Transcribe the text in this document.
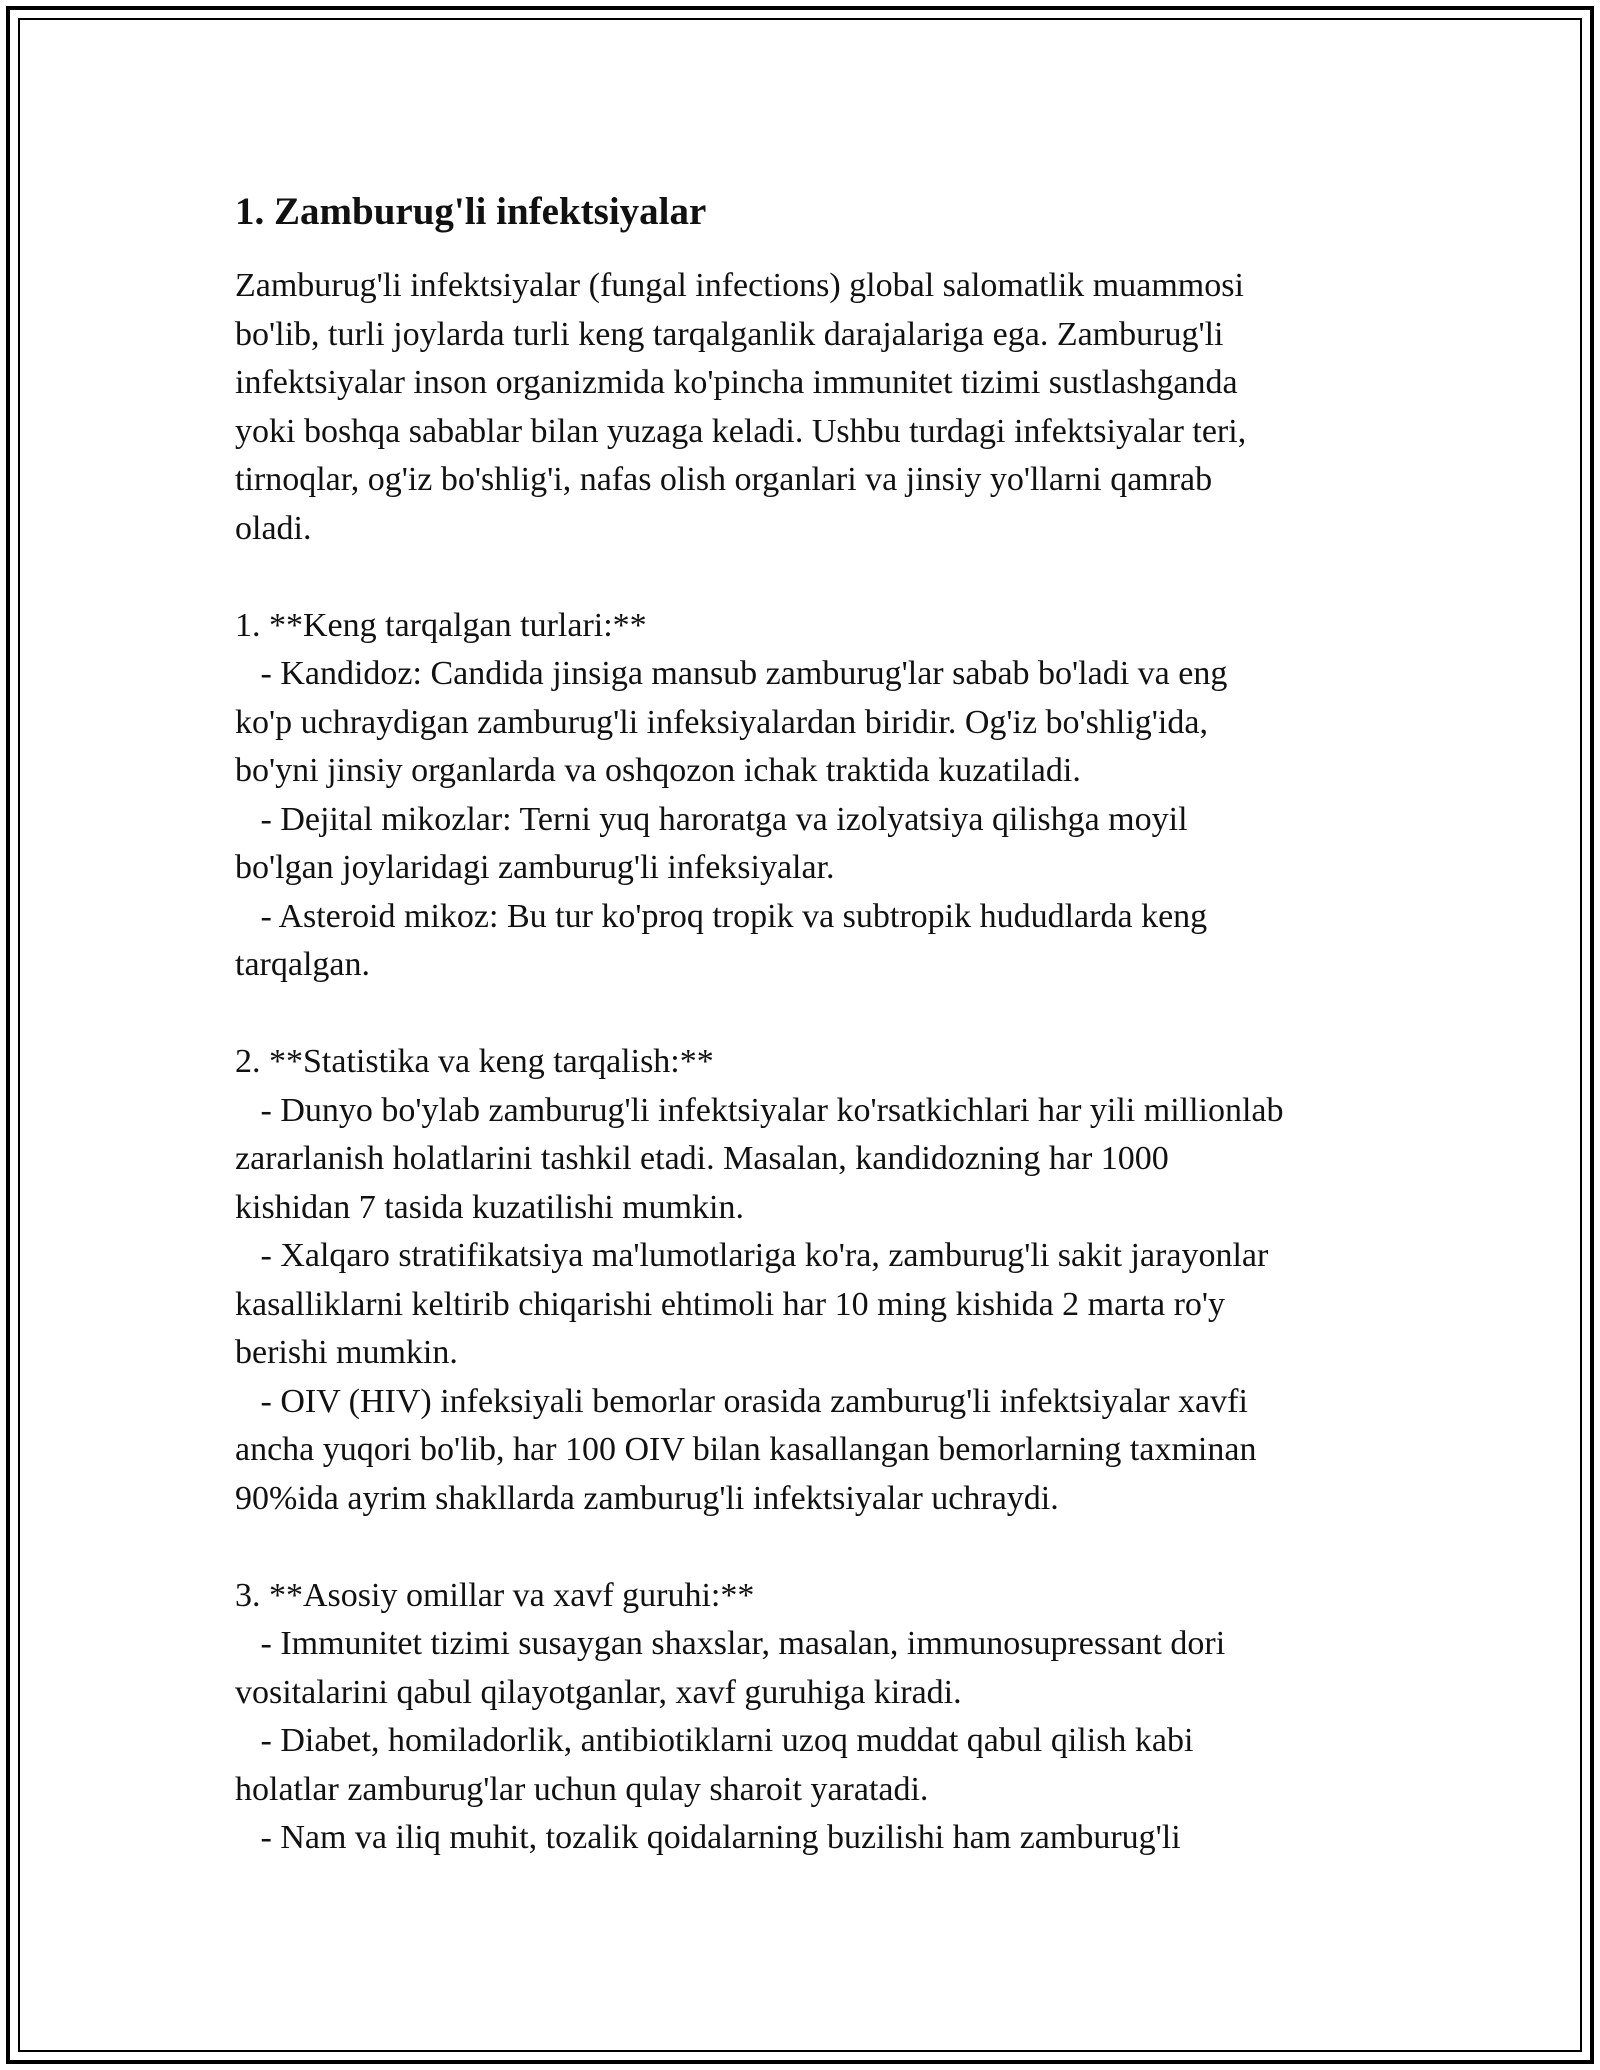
1. Zamburug'li infektsiyalar

Zamburug'li infektsiyalar (fungal infections) global salomatlik muammosi

bo'lib, turli joylarda turli keng tarqalganlik darajalariga ega. Zamburug'li

infektsiyalar inson organizmida ko'pincha immunitet tizimi sustlashganda

yoki boshqa sabablar bilan yuzaga keladi. Ushbu turdagi infektsiyalar teri,

tirnoqlar, og'iz bo'shlig'i, nafas olish organlari va jinsiy yo'llarni qamrab

oladi.

1. **Keng tarqalgan turlari:**

- Kandidoz: Candida jinsiga mansub zamburug'lar sabab bo'ladi va eng

ko'p uchraydigan zamburug'li infeksiyalardan biridir. Og'iz bo'shlig'ida,

bo'yni jinsiy organlarda va oshqozon ichak traktida kuzatiladi.

- Dejital mikozlar: Terni yuq haroratga va izolyatsiya qilishga moyil

bo'lgan joylaridagi zamburug'li infeksiyalar.

- Asteroid mikoz: Bu tur ko'proq tropik va subtropik hududlarda keng

tarqalgan.

2. **Statistika va keng tarqalish:**

- Dunyo bo'ylab zamburug'li infektsiyalar ko'rsatkichlari har yili millionlab

zararlanish holatlarini tashkil etadi. Masalan, kandidozning har 1000

kishidan 7 tasida kuzatilishi mumkin.

- Xalqaro stratifikatsiya ma'lumotlariga ko'ra, zamburug'li sakit jarayonlar

kasalliklarni keltirib chiqarishi ehtimoli har 10 ming kishida 2 marta ro'y

berishi mumkin.

- OIV (HIV) infeksiyali bemorlar orasida zamburug'li infektsiyalar xavfi

ancha yuqori bo'lib, har 100 OIV bilan kasallangan bemorlarning taxminan

90%ida ayrim shakllarda zamburug'li infektsiyalar uchraydi.

3. **Asosiy omillar va xavf guruhi:**

- Immunitet tizimi susaygan shaxslar, masalan, immunosupressant dori

vositalarini qabul qilayotganlar, xavf guruhiga kiradi.

- Diabet, homiladorlik, antibiotiklarni uzoq muddat qabul qilish kabi

holatlar zamburug'lar uchun qulay sharoit yaratadi.

- Nam va iliq muhit, tozalik qoidalarning buzilishi ham zamburug'li
